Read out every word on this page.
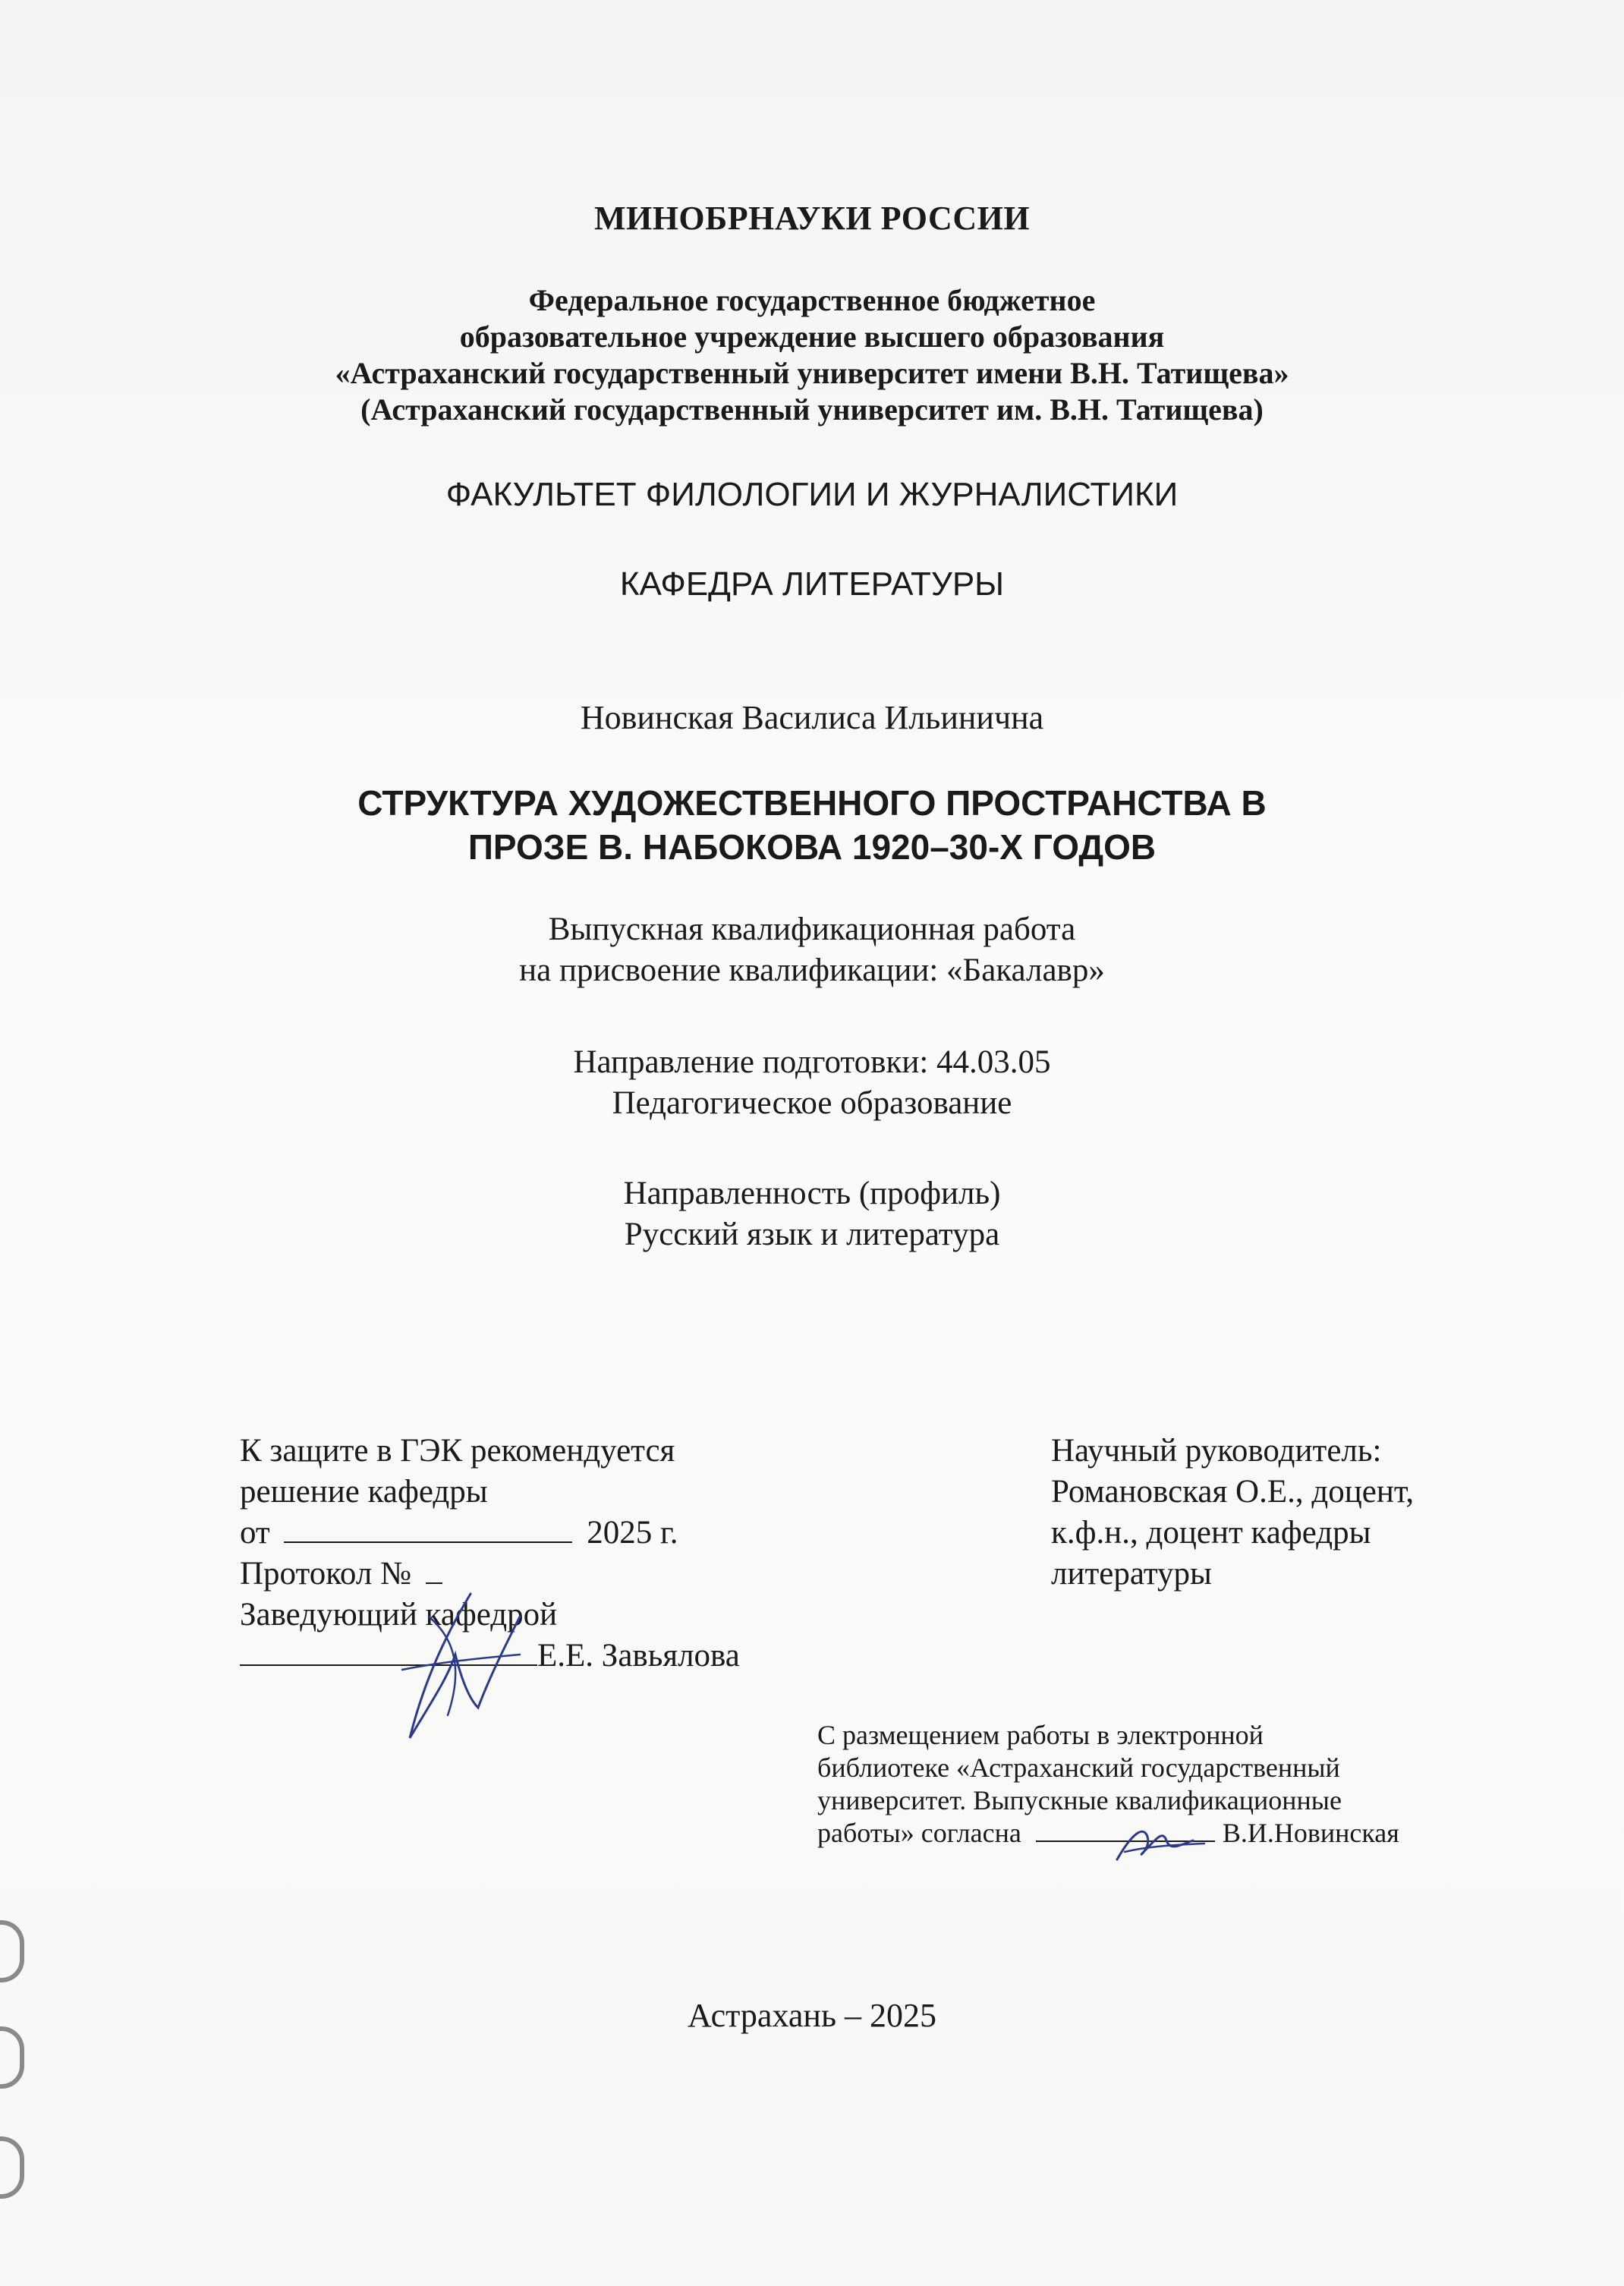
МИНОБРНАУКИ РОССИИ
Федеральное государственное бюджетное
образовательное учреждение высшего образования
«Астраханский государственный университет имени В.Н. Татищева»
(Астраханский государственный университет им. В.Н. Татищева)
ФАКУЛЬТЕТ ФИЛОЛОГИИ И ЖУРНАЛИСТИКИ
КАФЕДРА ЛИТЕРАТУРЫ
Новинская Василиса Ильинична
СТРУКТУРА ХУДОЖЕСТВЕННОГО ПРОСТРАНСТВА В
ПРОЗЕ В. НАБОКОВА 1920–30-Х ГОДОВ
Выпускная квалификационная работа
на присвоение квалификации: «Бакалавр»
Направление подготовки: 44.03.05
Педагогическое образование
Направленность (профиль)
Русский язык и литература
К защите в ГЭК рекомендуется
решение кафедры
от	2025 г.
Протокол №
Заведующий кафедрой
Е.Е. Завьялова
Научный руководитель:
Романовская О.Е., доцент,
к.ф.н., доцент кафедры
литературы
С размещением работы в электронной
библиотеке «Астраханский государственный
университет. Выпускные квалификационные
работы» согласна	В.И.Новинская
Астрахань – 2025
